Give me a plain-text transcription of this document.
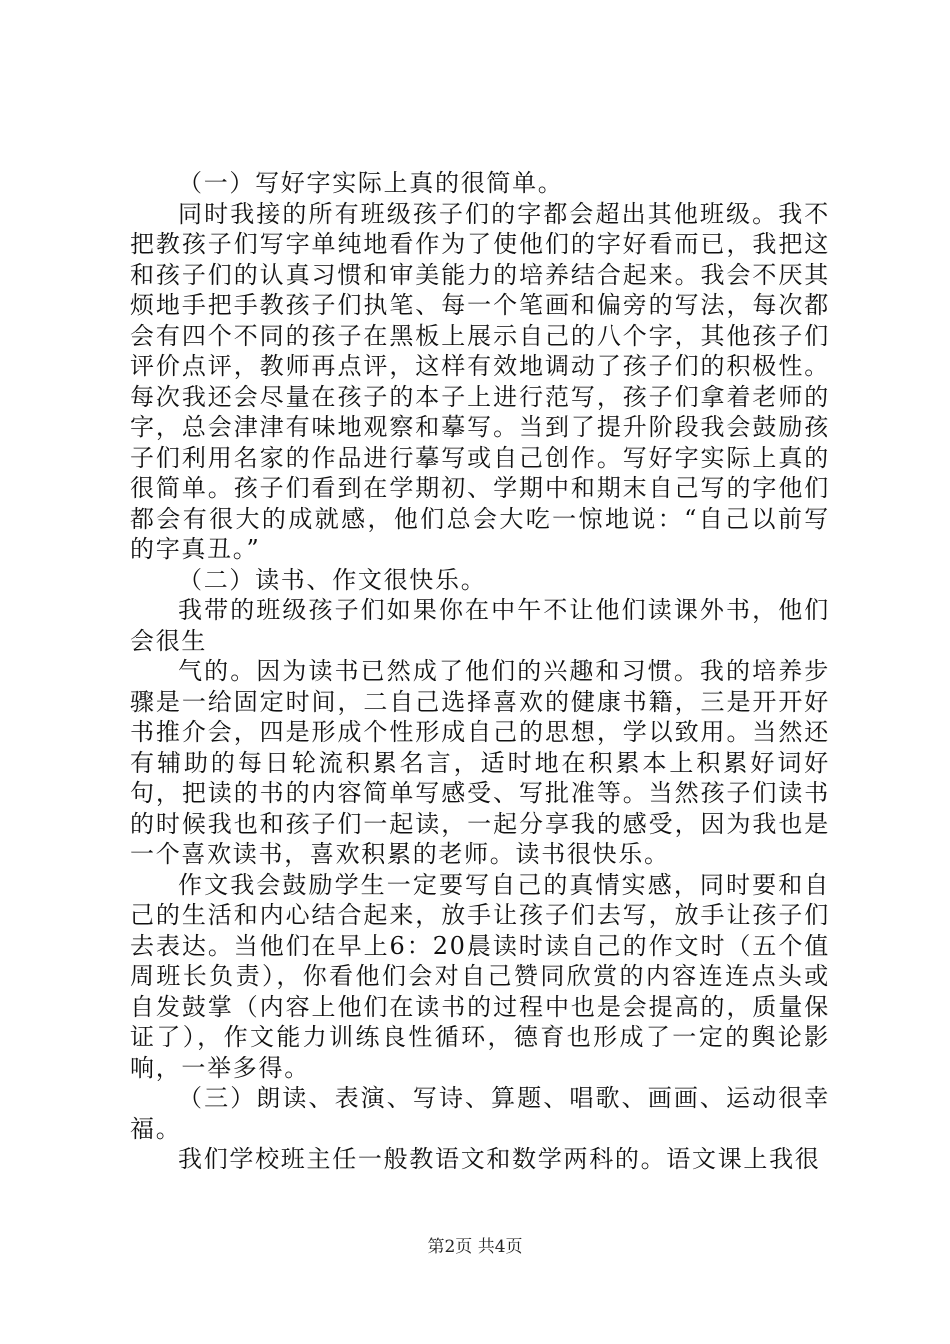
（一）写好字实际上真的很简单。

同时我接的所有班级孩子们的字都会超出其他班级。我不把教孩子们写字单纯地看作为了使他们的字好看而已，我把这和孩子们的认真习惯和审美能力的培养结合起来。我会不厌其烦地手把手教孩子们执笔、每一个笔画和偏旁的写法，每次都会有四个不同的孩子在黑板上展示自己的八个字，其他孩子们评价点评，教师再点评，这样有效地调动了孩子们的积极性。每次我还会尽量在孩子的本子上进行范写，孩子们拿着老师的字，总会津津有味地观察和摹写。当到了提升阶段我会鼓励孩子们利用名家的作品进行摹写或自己创作。写好字实际上真的很简单。孩子们看到在学期初、学期中和期末自己写的字他们都会有很大的成就感，他们总会大吃一惊地说：“自己以前写的字真丑。”

（二）读书、作文很快乐。

我带的班级孩子们如果你在中午不让他们读课外书，他们会很生

气的。因为读书已然成了他们的兴趣和习惯。我的培养步骤是一给固定时间，二自己选择喜欢的健康书籍，三是开开好书推介会，四是形成个性形成自己的思想，学以致用。当然还有辅助的每日轮流积累名言，适时地在积累本上积累好词好句，把读的书的内容简单写感受、写批准等。当然孩子们读书的时候我也和孩子们一起读，一起分享我的感受，因为我也是一个喜欢读书，喜欢积累的老师。读书很快乐。

作文我会鼓励学生一定要写自己的真情实感，同时要和自己的生活和内心结合起来，放手让孩子们去写，放手让孩子们去表达。当他们在早上6：20晨读时读自己的作文时（五个值周班长负责），你看他们会对自己赞同欣赏的内容连连点头或自发鼓掌（内容上他们在读书的过程中也是会提高的，质量保证了），作文能力训练良性循环，德育也形成了一定的舆论影响，一举多得。

（三）朗读、表演、写诗、算题、唱歌、画画、运动很幸福。

我们学校班主任一般教语文和数学两科的。语文课上我很

第2页 共4页
